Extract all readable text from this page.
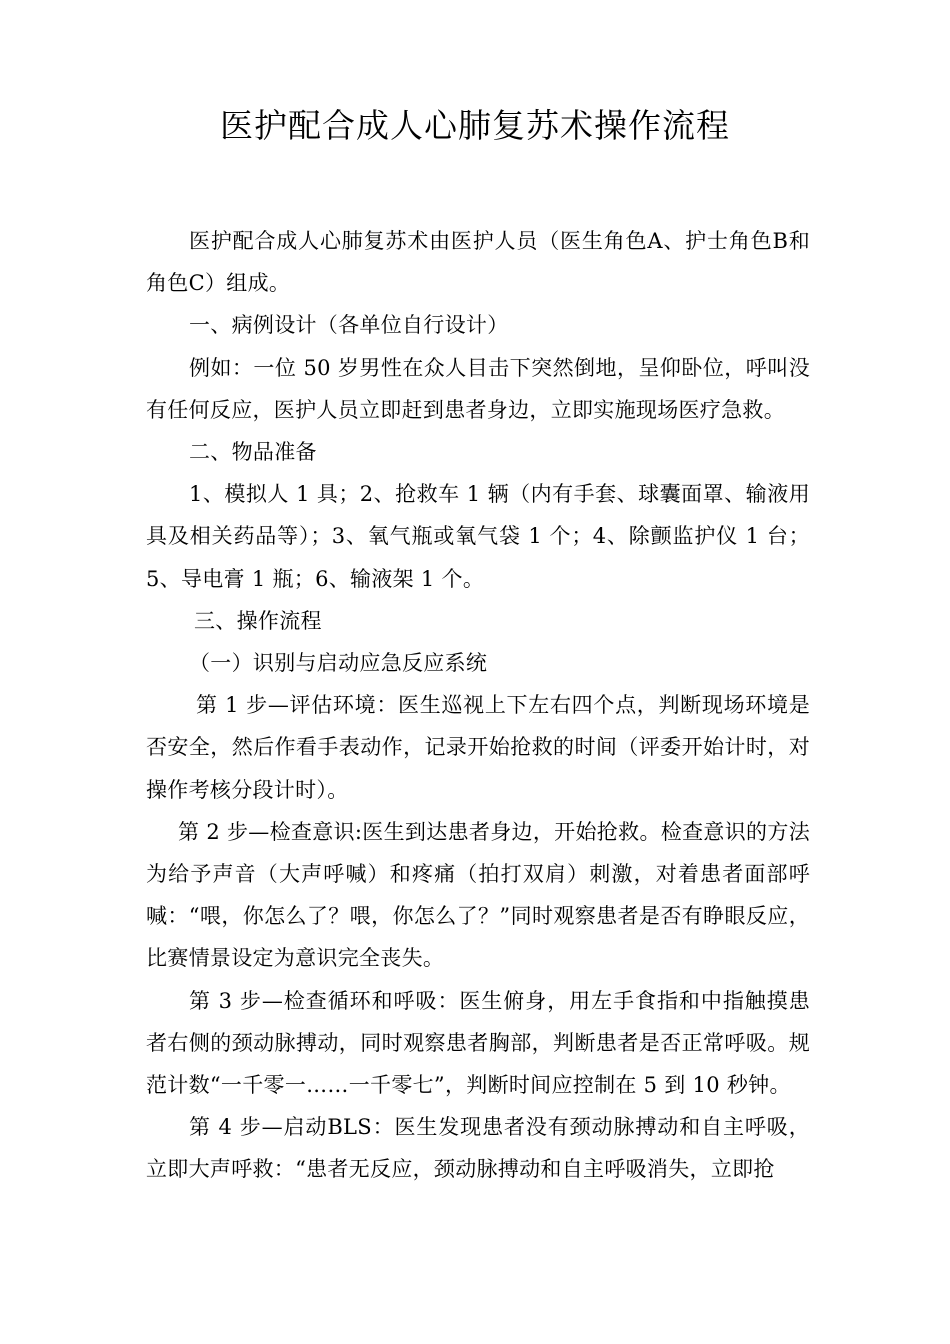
医护配合成人心肺复苏术操作流程

医护配合成人心肺复苏术由医护人员（医生角色A、护士角色B和角色C）组成。

一、病例设计（各单位自行设计）

例如：一位 50 岁男性在众人目击下突然倒地，呈仰卧位，呼叫没有任何反应，医护人员立即赶到患者身边，立即实施现场医疗急救。

二、物品准备

1、模拟人 1 具；2、抢救车 1 辆（内有手套、球囊面罩、输液用具及相关药品等）；3、氧气瓶或氧气袋 1 个；4、除颤监护仪 1 台；5、导电膏 1 瓶；6、输液架 1 个。

三、操作流程

（一）识别与启动应急反应系统

第 1 步—评估环境：医生巡视上下左右四个点，判断现场环境是否安全，然后作看手表动作，记录开始抢救的时间（评委开始计时，对操作考核分段计时）。

第 2 步—检查意识:医生到达患者身边，开始抢救。检查意识的方法为给予声音（大声呼喊）和疼痛（拍打双肩）刺激，对着患者面部呼喊：“喂，你怎么了？喂，你怎么了？”同时观察患者是否有睁眼反应，比赛情景设定为意识完全丧失。

第 3 步—检查循环和呼吸：医生俯身，用左手食指和中指触摸患者右侧的颈动脉搏动，同时观察患者胸部，判断患者是否正常呼吸。规范计数“一千零一……一千零七”，判断时间应控制在 5 到 10 秒钟。

第 4 步—启动BLS：医生发现患者没有颈动脉搏动和自主呼吸，立即大声呼救：“患者无反应，颈动脉搏动和自主呼吸消失，立即抢
